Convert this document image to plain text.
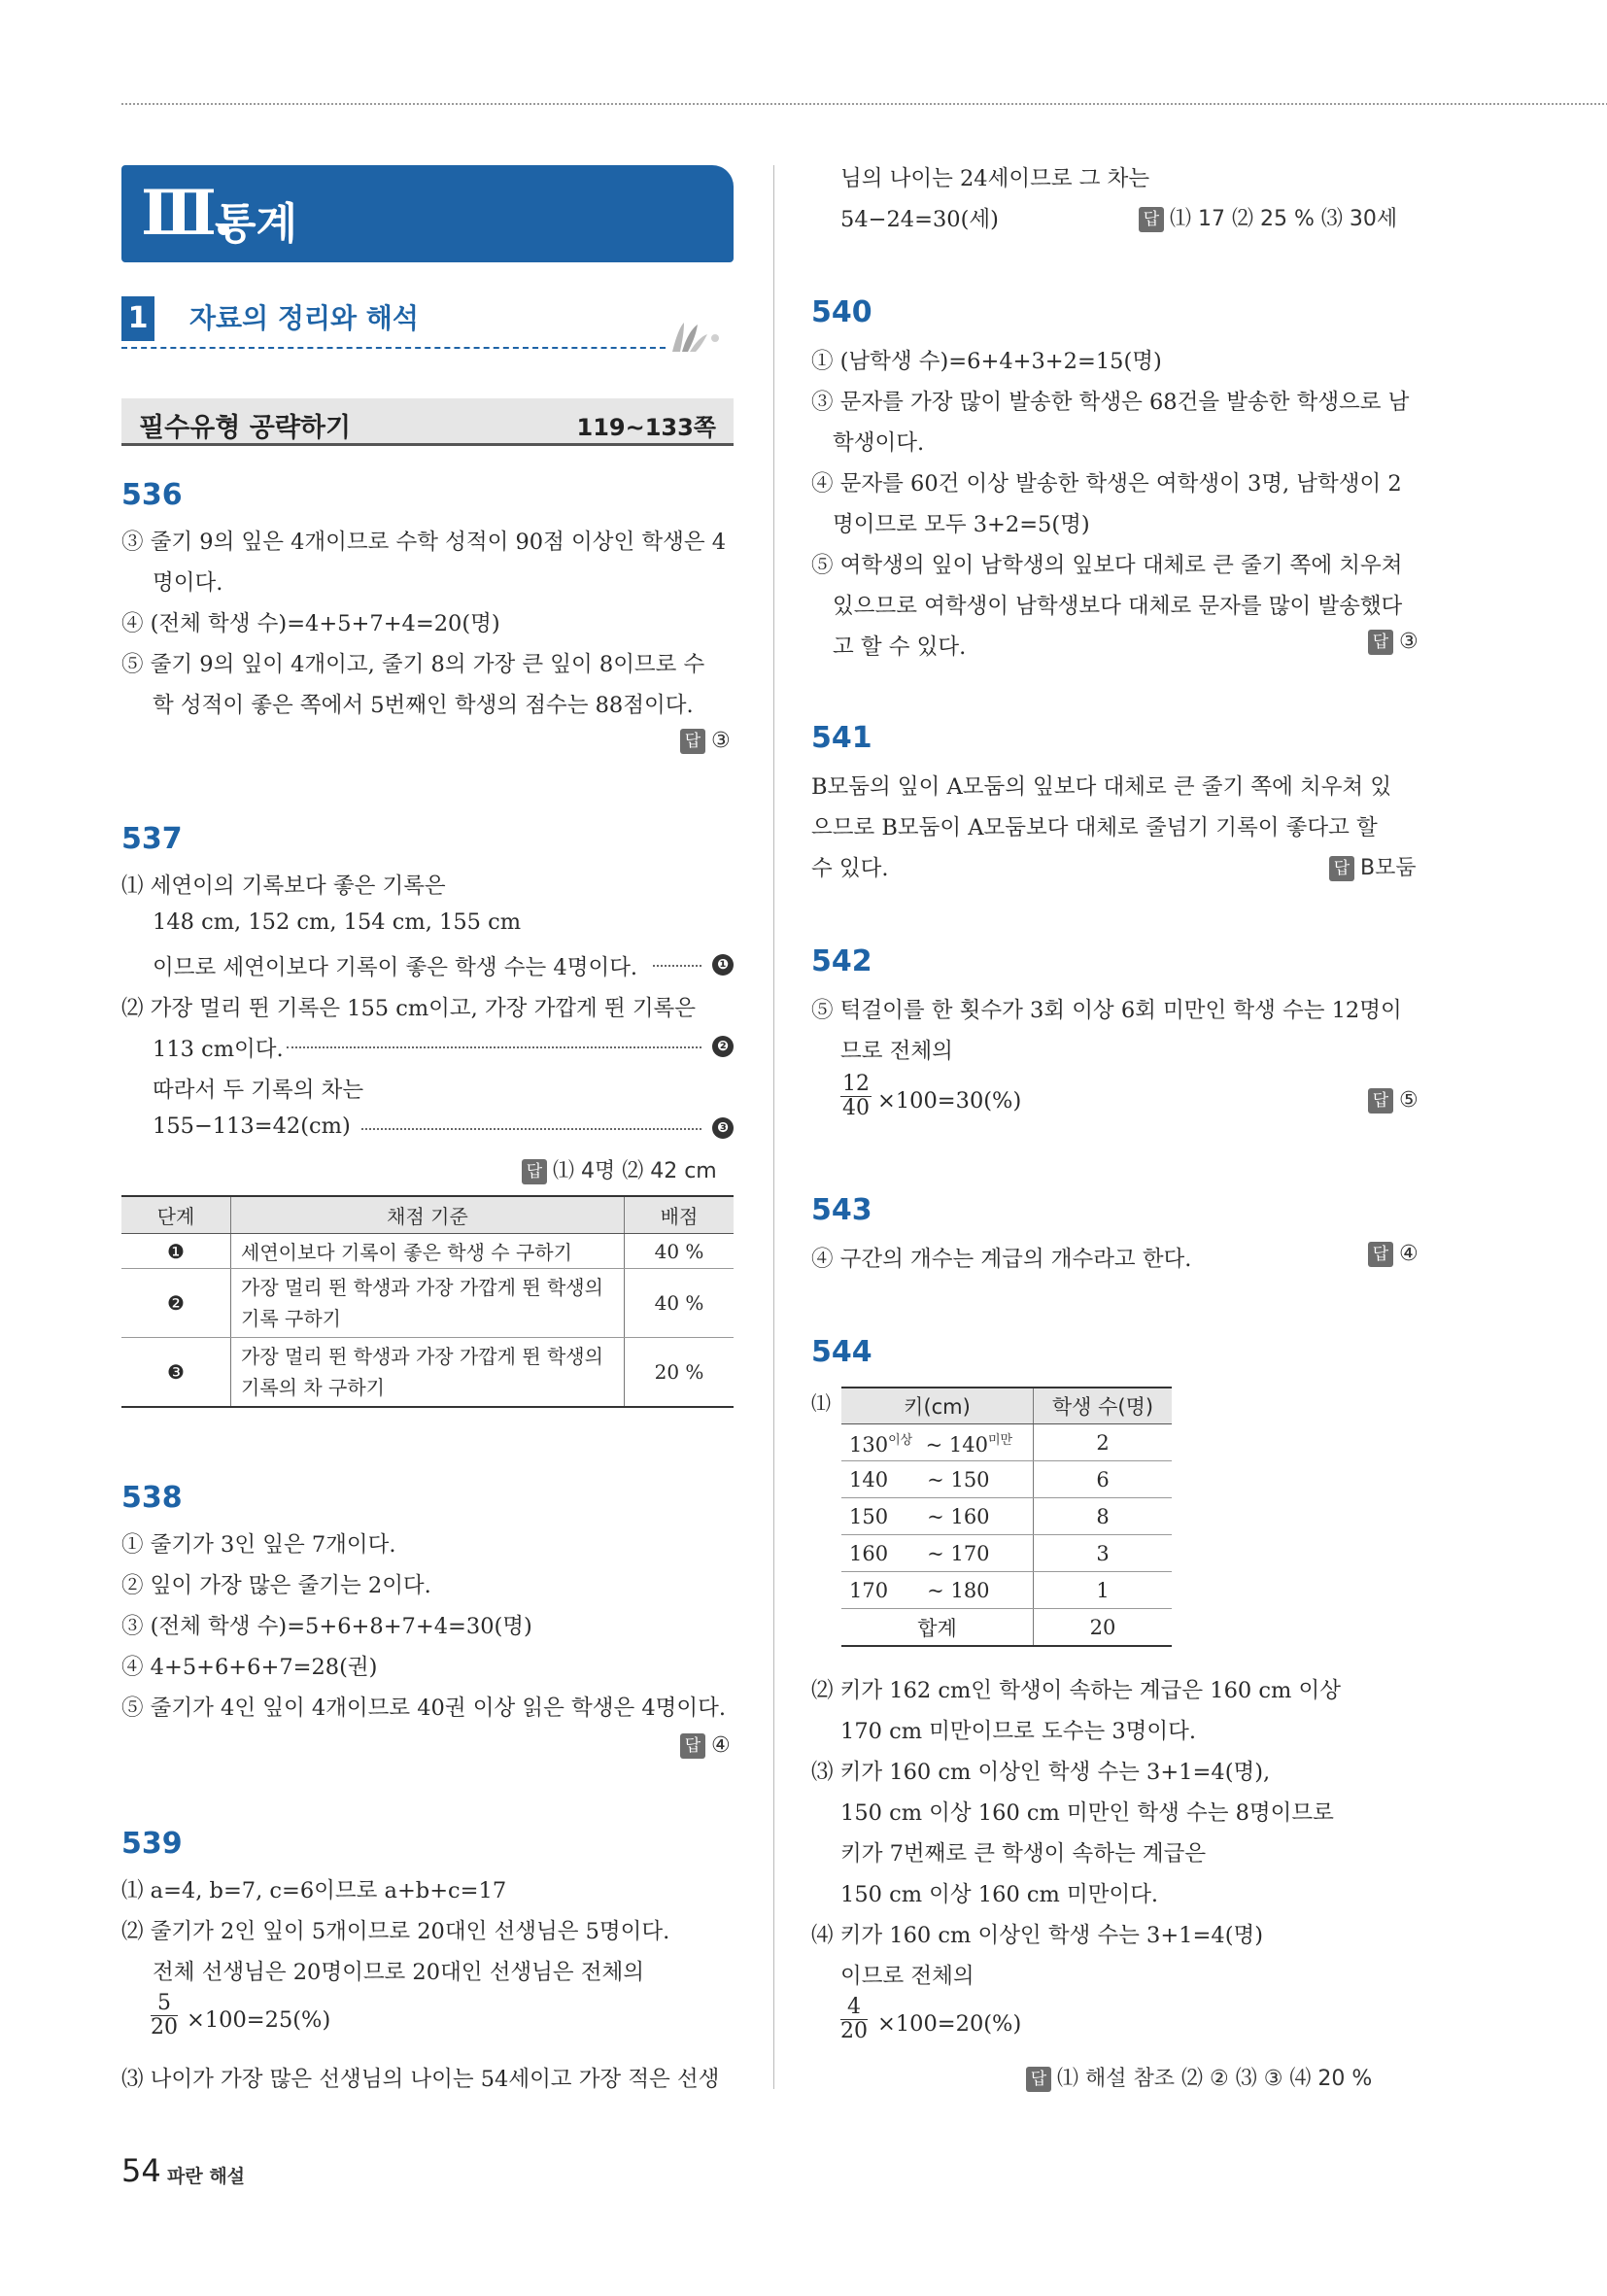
Ⅲ.
통계
1 자료의 정리와 해석
필수유형 공략하기	119~133쪽
536
③ 줄기 9의 잎은 4개이므로 수학 성적이 90점 이상인 학생은 4
명이다.
④ (전체 학생 수)=4+5+7+4=20(명)
⑤ 줄기 9의 잎이 4개이고, 줄기 8의 가장 큰 잎이 8이므로 수
학 성적이 좋은 쪽에서 5번째인 학생의 점수는 88점이다.
답 ③
537
⑴ 세연이의 기록보다 좋은 기록은
148 cm, 152 cm, 154 cm, 155 cm
이므로 세연이보다 기록이 좋은 학생 수는 4명이다.	❶
⑵ 가장 멀리 뛴 기록은 155 cm이고, 가장 가깝게 뛴 기록은
113 cm이다.	❷
따라서 두 기록의 차는
155−113=42(cm)	❸
답 ⑴ 4명 ⑵ 42 cm
단계	채점 기준	배점
❶	세연이보다 기록이 좋은 학생 수 구하기	40 %
❷	가장 멀리 뛴 학생과 가장 가깝게 뛴 학생의 기록 구하기	40 %
❸	가장 멀리 뛴 학생과 가장 가깝게 뛴 학생의 기록의 차 구하기	20 %
538
① 줄기가 3인 잎은 7개이다.
② 잎이 가장 많은 줄기는 2이다.
③ (전체 학생 수)=5+6+8+7+4=30(명)
④ 4+5+6+6+7=28(권)
⑤ 줄기가 4인 잎이 4개이므로 40권 이상 읽은 학생은 4명이다.
답 ④
539
⑴ a=4, b=7, c=6이므로 a+b+c=17
⑵ 줄기가 2인 잎이 5개이므로 20대인 선생님은 5명이다.
전체 선생님은 20명이므로 20대인 선생님은 전체의
$\frac{5}{20} \times 100=25(\%)$
⑶ 나이가 가장 많은 선생님의 나이는 54세이고 가장 적은 선생
님의 나이는 24세이므로 그 차는
54−24=30(세)	답 ⑴ 17 ⑵ 25 % ⑶ 30세
540
① (남학생 수)=6+4+3+2=15(명)
③ 문자를 가장 많이 발송한 학생은 68건을 발송한 학생으로 남
학생이다.
④ 문자를 60건 이상 발송한 학생은 여학생이 3명, 남학생이 2
명이므로 모두 3+2=5(명)
⑤ 여학생의 잎이 남학생의 잎보다 대체로 큰 줄기 쪽에 치우쳐
있으므로 여학생이 남학생보다 대체로 문자를 많이 발송했다
고 할 수 있다.	답 ③
541
B모둠의 잎이 A모둠의 잎보다 대체로 큰 줄기 쪽에 치우쳐 있
으므로 B모둠이 A모둠보다 대체로 줄넘기 기록이 좋다고 할
수 있다.	답 B모둠
542
⑤ 턱걸이를 한 횟수가 3회 이상 6회 미만인 학생 수는 12명이
므로 전체의
$\frac{12}{40} \times 100=30(\%)$	답 ⑤
543
④ 구간의 개수는 계급의 개수라고 한다.	답 ④
544
⑴	키(cm)	학생 수(명)
$130^{이상}$ ~ $140^{미만}$	2
140 ~ 150	6
150 ~ 160	8
160 ~ 170	3
170 ~ 180	1
합계	20
⑵ 키가 162 cm인 학생이 속하는 계급은 160 cm 이상
170 cm 미만이므로 도수는 3명이다.
⑶ 키가 160 cm 이상인 학생 수는 3+1=4(명),
150 cm 이상 160 cm 미만인 학생 수는 8명이므로
키가 7번째로 큰 학생이 속하는 계급은
150 cm 이상 160 cm 미만이다.
⑷ 키가 160 cm 이상인 학생 수는 3+1=4(명)
이므로 전체의
$\frac{4}{20} \times 100=20(\%)$
답 ⑴ 해설 참조 ⑵ ② ⑶ ③ ⑷ 20 %
54 파란 해설
